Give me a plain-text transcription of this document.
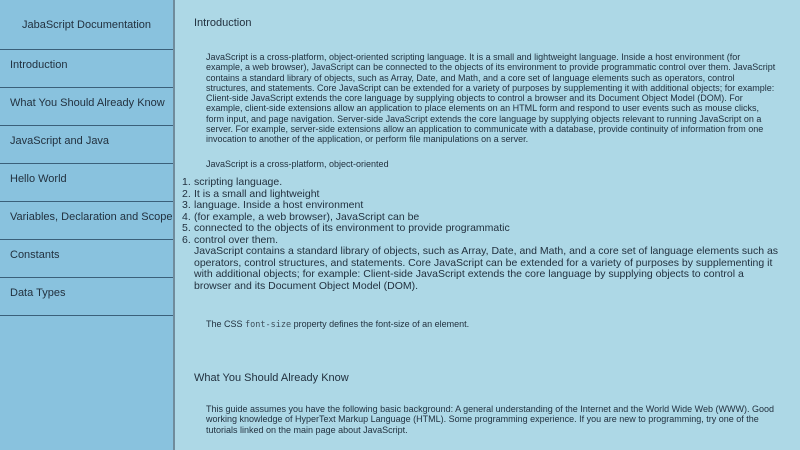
JabaScript Documentation
Introduction
What You Should Already Know
JavaScript and Java
Hello World
Variables, Declaration and Scope
Constants
Data Types
Introduction

JavaScript is a cross-platform, object-oriented scripting language. It is a small and lightweight language. Inside a host environment (for example, a web browser), JavaScript can be connected to the objects of its environment to provide programmatic control over them. JavaScript contains a standard library of objects, such as Array, Date, and Math, and a core set of language elements such as operators, control structures, and statements. Core JavaScript can be extended for a variety of purposes by supplementing it with additional objects; for example: Client-side JavaScript extends the core language by supplying objects to control a browser and its Document Object Model (DOM). For example, client-side extensions allow an application to place elements on an HTML form and respond to user events such as mouse clicks, form input, and page navigation. Server-side JavaScript extends the core language by supplying objects relevant to running JavaScript on a server. For example, server-side extensions allow an application to communicate with a database, provide continuity of information from one invocation to another of the application, or perform file manipulations on a server.

JavaScript is a cross-platform, object-oriented

1. scripting language.
2. It is a small and lightweight
3. language. Inside a host environment
4. (for example, a web browser), JavaScript can be
5. connected to the objects of its environment to provide programmatic
6. control over them.

JavaScript contains a standard library of objects, such as Array, Date, and Math, and a core set of language elements such as operators, control structures, and statements. Core JavaScript can be extended for a variety of purposes by supplementing it with additional objects; for example: Client-side JavaScript extends the core language by supplying objects to control a browser and its Document Object Model (DOM).

The CSS font-size property defines the font-size of an element.

What You Should Already Know

This guide assumes you have the following basic background: A general understanding of the Internet and the World Wide Web (WWW). Good working knowledge of HyperText Markup Language (HTML). Some programming experience. If you are new to programming, try one of the tutorials linked on the main page about JavaScript.
